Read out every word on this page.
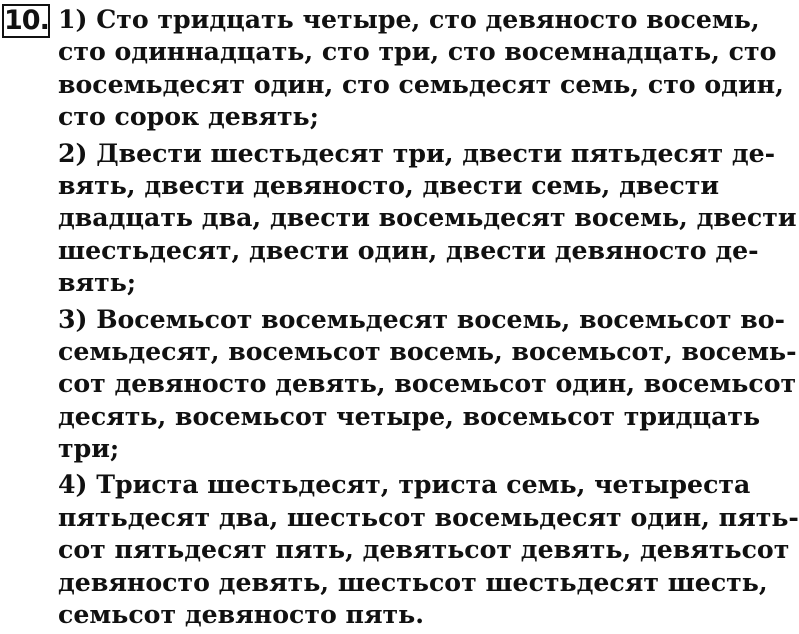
10. 1) Сто тридцать четыре, сто девяносто восемь,
сто одиннадцать, сто три, сто восемнадцать, сто
восемьдесят один, сто семьдесят семь, сто один,
сто сорок девять;
2) Двести шестьдесят три, двести пятьдесят де-
вять, двести девяносто, двести семь, двести
двадцать два, двести восемьдесят восемь, двести
шестьдесят, двести один, двести девяносто де-
вять;
3) Восемьсот восемьдесят восемь, восемьсот во-
семьдесят, восемьсот восемь, восемьсот, восемь-
сот девяносто девять, восемьсот один, восемьсот
десять, восемьсот четыре, восемьсот тридцать
три;
4) Триста шестьдесят, триста семь, четыреста
пятьдесят два, шестьсот восемьдесят один, пять-
сот пятьдесят пять, девятьсот девять, девятьсот
девяносто девять, шестьсот шестьдесят шесть,
семьсот девяносто пять.
